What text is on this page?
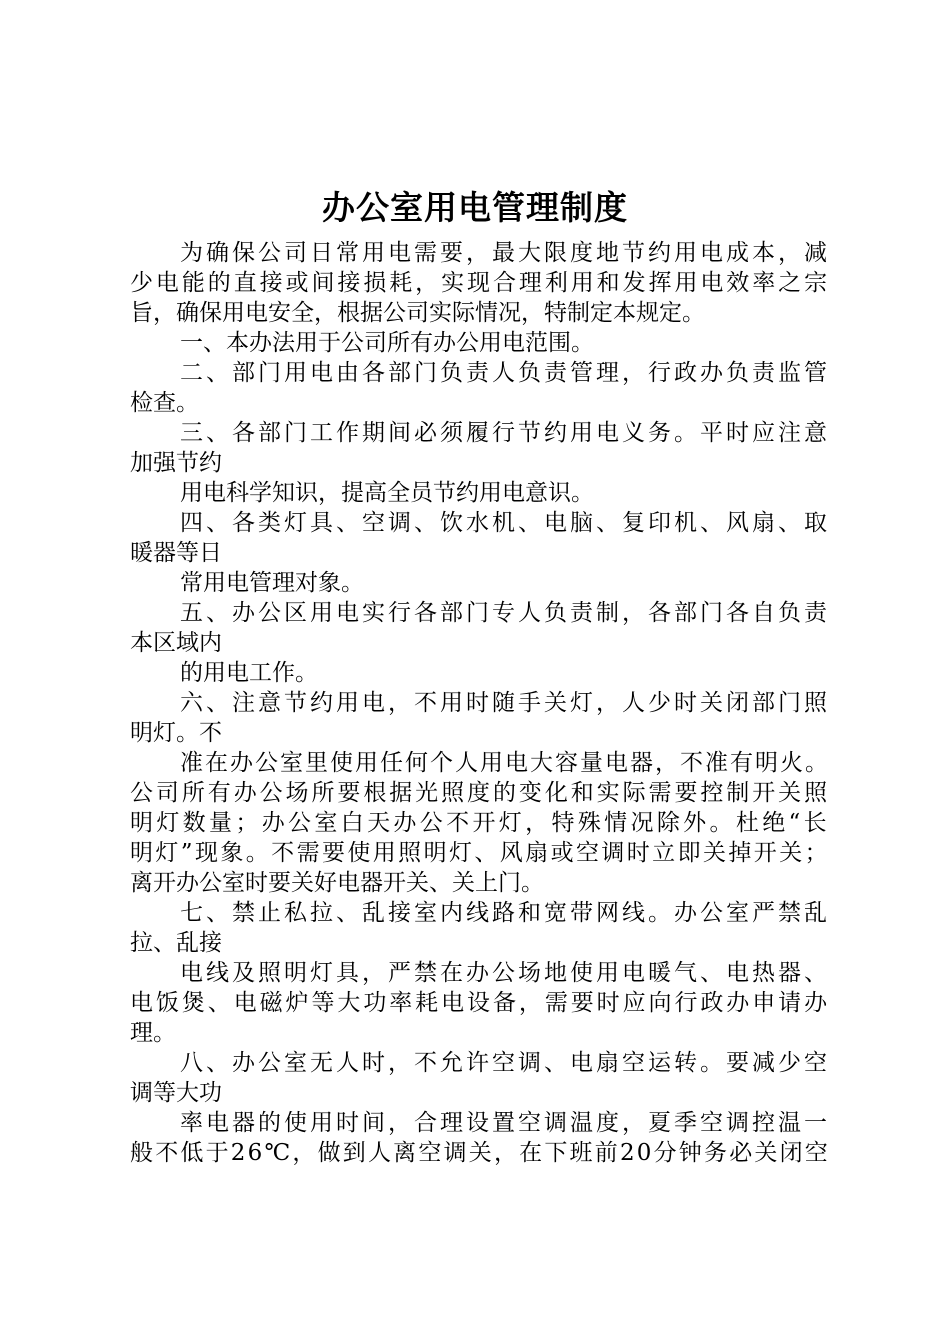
办公室用电管理制度
为确保公司日常用电需要，最大限度地节约用电成本，减
少电能的直接或间接损耗，实现合理利用和发挥用电效率之宗
旨，确保用电安全，根据公司实际情况，特制定本规定。
一、本办法用于公司所有办公用电范围。
二、部门用电由各部门负责人负责管理，行政办负责监管
检查。
三、各部门工作期间必须履行节约用电义务。平时应注意
加强节约
用电科学知识，提高全员节约用电意识。
四、各类灯具、空调、饮水机、电脑、复印机、风扇、取
暖器等日
常用电管理对象。
五、办公区用电实行各部门专人负责制，各部门各自负责
本区域内
的用电工作。
六、注意节约用电，不用时随手关灯，人少时关闭部门照
明灯。不
准在办公室里使用任何个人用电大容量电器，不准有明火。
公司所有办公场所要根据光照度的变化和实际需要控制开关照
明灯数量；办公室白天办公不开灯，特殊情况除外。杜绝“长
明灯”现象。不需要使用照明灯、风扇或空调时立即关掉开关；
离开办公室时要关好电器开关、关上门。
七、禁止私拉、乱接室内线路和宽带网线。办公室严禁乱
拉、乱接
电线及照明灯具，严禁在办公场地使用电暖气、电热器、
电饭煲、电磁炉等大功率耗电设备，需要时应向行政办申请办
理。
八、办公室无人时，不允许空调、电扇空运转。要减少空
调等大功
率电器的使用时间，合理设置空调温度，夏季空调控温一
般不低于26℃，做到人离空调关，在下班前20分钟务必关闭空
